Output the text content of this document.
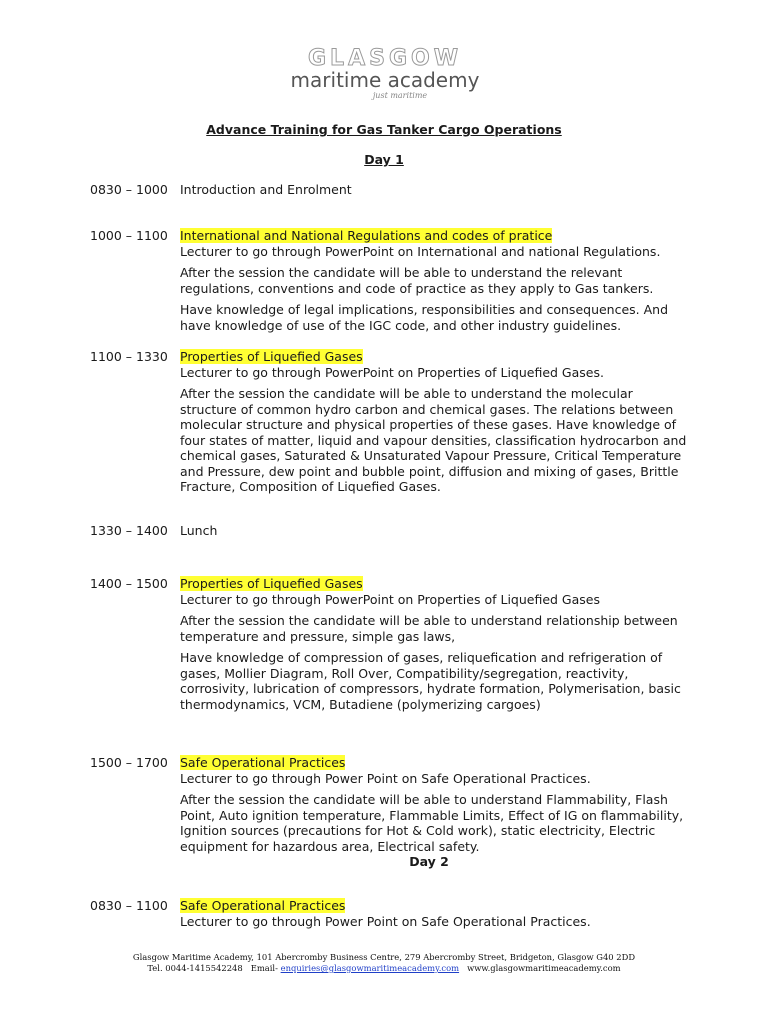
GLASGOW
maritime academy
just maritime
Advance Training for Gas Tanker Cargo Operations
Day 1
0830 – 1000 Introduction and Enrolment
1000 – 1100 International and National Regulations and codes of pratice

Lecturer to go through PowerPoint on International and national Regulations.

After the session the candidate will be able to understand the relevant regulations, conventions and code of practice as they apply to Gas tankers.

Have knowledge of legal implications, responsibilities and consequences. And have knowledge of use of the IGC code, and other industry guidelines.

1100 – 1330 Properties of Liquefied Gases

Lecturer to go through PowerPoint on Properties of Liquefied Gases.

After the session the candidate will be able to understand the molecular structure of common hydro carbon and chemical gases. The relations between molecular structure and physical properties of these gases. Have knowledge of four states of matter, liquid and vapour densities, classification hydrocarbon and chemical gases, Saturated & Unsaturated Vapour Pressure, Critical Temperature and Pressure, dew point and bubble point, diffusion and mixing of gases, Brittle Fracture, Composition of Liquefied Gases.

1330 – 1400 Lunch
1400 – 1500 Properties of Liquefied Gases

Lecturer to go through PowerPoint on Properties of Liquefied Gases

After the session the candidate will be able to understand relationship between temperature and pressure, simple gas laws,

Have knowledge of compression of gases, reliquefication and refrigeration of gases, Mollier Diagram, Roll Over, Compatibility/segregation, reactivity, corrosivity, lubrication of compressors, hydrate formation, Polymerisation, basic thermodynamics, VCM, Butadiene (polymerizing cargoes)

1500 – 1700 Safe Operational Practices

Lecturer to go through Power Point on Safe Operational Practices.

After the session the candidate will be able to understand Flammability, Flash Point, Auto ignition temperature, Flammable Limits, Effect of IG on flammability, Ignition sources (precautions for Hot & Cold work), static electricity, Electric equipment for hazardous area, Electrical safety.

Day 2
0830 – 1100 Safe Operational Practices

Lecturer to go through Power Point on Safe Operational Practices.

Glasgow Maritime Academy, 101 Abercromby Business Centre, 279 Abercromby Street, Bridgeton, Glasgow G40 2DD
Tel. 0044-1415542248 Email- enquiries@glasgowmaritimeacademy.com www.glasgowmaritimeacademy.com
